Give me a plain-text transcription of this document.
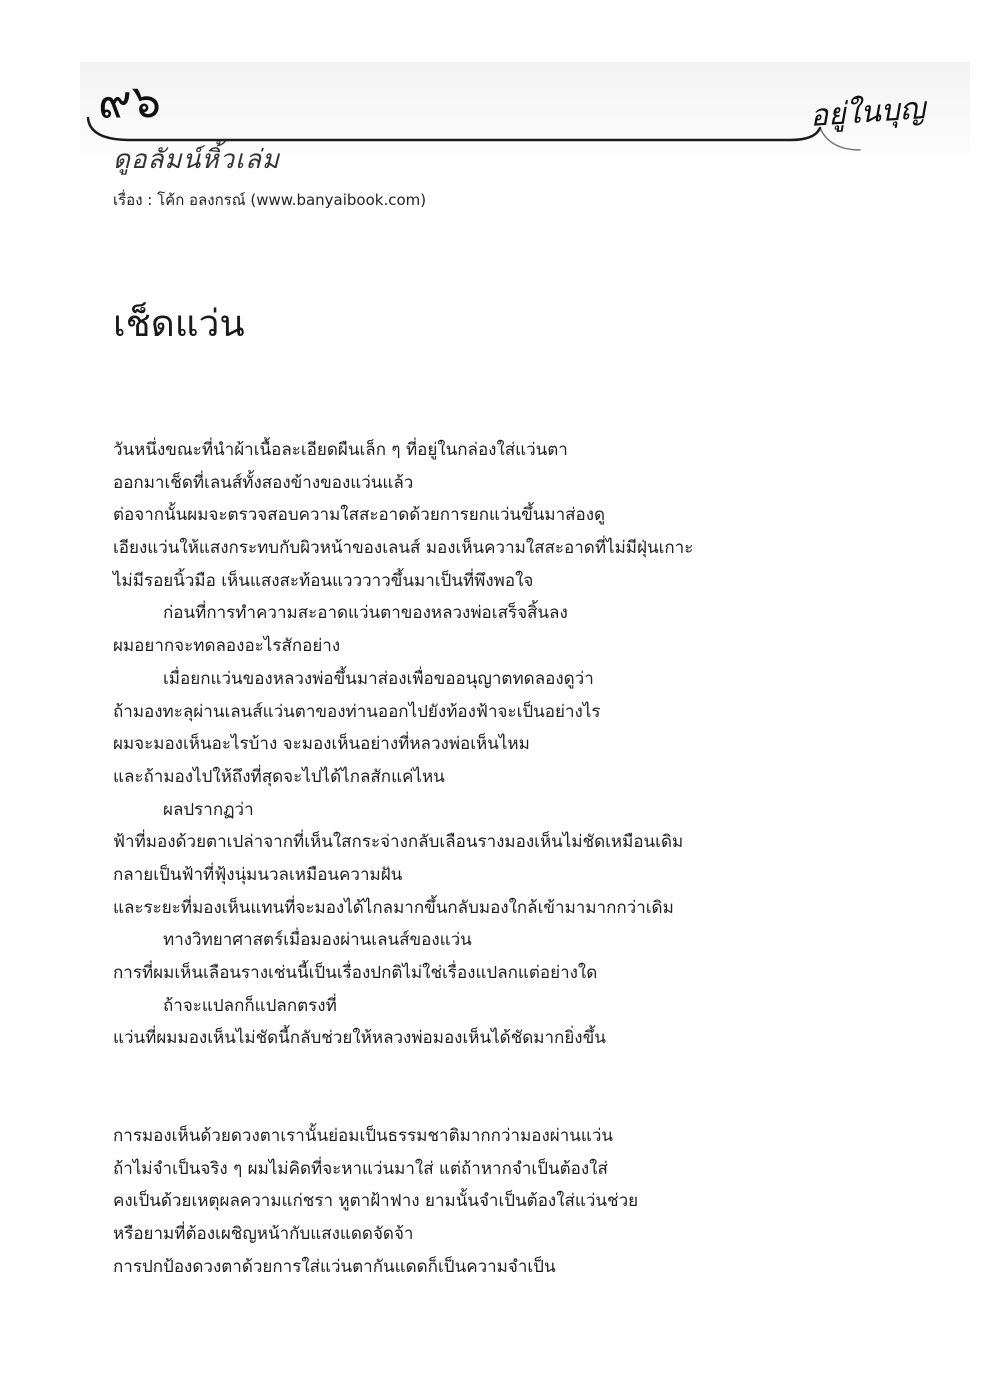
๙๖	อยู่ในบุญ
ดูอลัมน์หิ้วเล่ม
เรื่อง : โค้ก อลงกรณ์ (www.banyaibook.com)
เช็ดแว่น
วันหนึ่งขณะที่นำผ้าเนื้อละเอียดผืนเล็ก ๆ ที่อยู่ในกล่องใส่แว่นตา
ออกมาเช็ดที่เลนส์ทั้งสองข้างของแว่นแล้ว
ต่อจากนั้นผมจะตรวจสอบความใสสะอาดด้วยการยกแว่นขึ้นมาส่องดู
เอียงแว่นให้แสงกระทบกับผิวหน้าของเลนส์ มองเห็นความใสสะอาดที่ไม่มีฝุ่นเกาะ
ไม่มีรอยนิ้วมือ เห็นแสงสะท้อนแวววาวขึ้นมาเป็นที่พึงพอใจ
ก่อนที่การทำความสะอาดแว่นตาของหลวงพ่อเสร็จสิ้นลง
ผมอยากจะทดลองอะไรสักอย่าง
เมื่อยกแว่นของหลวงพ่อขึ้นมาส่องเพื่อขออนุญาตทดลองดูว่า
ถ้ามองทะลุผ่านเลนส์แว่นตาของท่านออกไปยังท้องฟ้าจะเป็นอย่างไร
ผมจะมองเห็นอะไรบ้าง จะมองเห็นอย่างที่หลวงพ่อเห็นไหม
และถ้ามองไปให้ถึงที่สุดจะไปได้ไกลสักแค่ไหน
ผลปรากฏว่า
ฟ้าที่มองด้วยตาเปล่าจากที่เห็นใสกระจ่างกลับเลือนรางมองเห็นไม่ชัดเหมือนเดิม
กลายเป็นฟ้าที่ฟุ้งนุ่มนวลเหมือนความฝัน
และระยะที่มองเห็นแทนที่จะมองได้ไกลมากขึ้นกลับมองใกล้เข้ามามากกว่าเดิม
ทางวิทยาศาสตร์เมื่อมองผ่านเลนส์ของแว่น
การที่ผมเห็นเลือนรางเช่นนี้เป็นเรื่องปกติไม่ใช่เรื่องแปลกแต่อย่างใด
ถ้าจะแปลกก็แปลกตรงที่
แว่นที่ผมมองเห็นไม่ชัดนี้กลับช่วยให้หลวงพ่อมองเห็นได้ชัดมากยิ่งขึ้น
การมองเห็นด้วยดวงตาเรานั้นย่อมเป็นธรรมชาติมากกว่ามองผ่านแว่น
ถ้าไม่จำเป็นจริง ๆ ผมไม่คิดที่จะหาแว่นมาใส่ แต่ถ้าหากจำเป็นต้องใส่
คงเป็นด้วยเหตุผลความแก่ชรา หูตาฝ้าฟาง ยามนั้นจำเป็นต้องใส่แว่นช่วย
หรือยามที่ต้องเผชิญหน้ากับแสงแดดจัดจ้า
การปกป้องดวงตาด้วยการใส่แว่นตากันแดดก็เป็นความจำเป็น
